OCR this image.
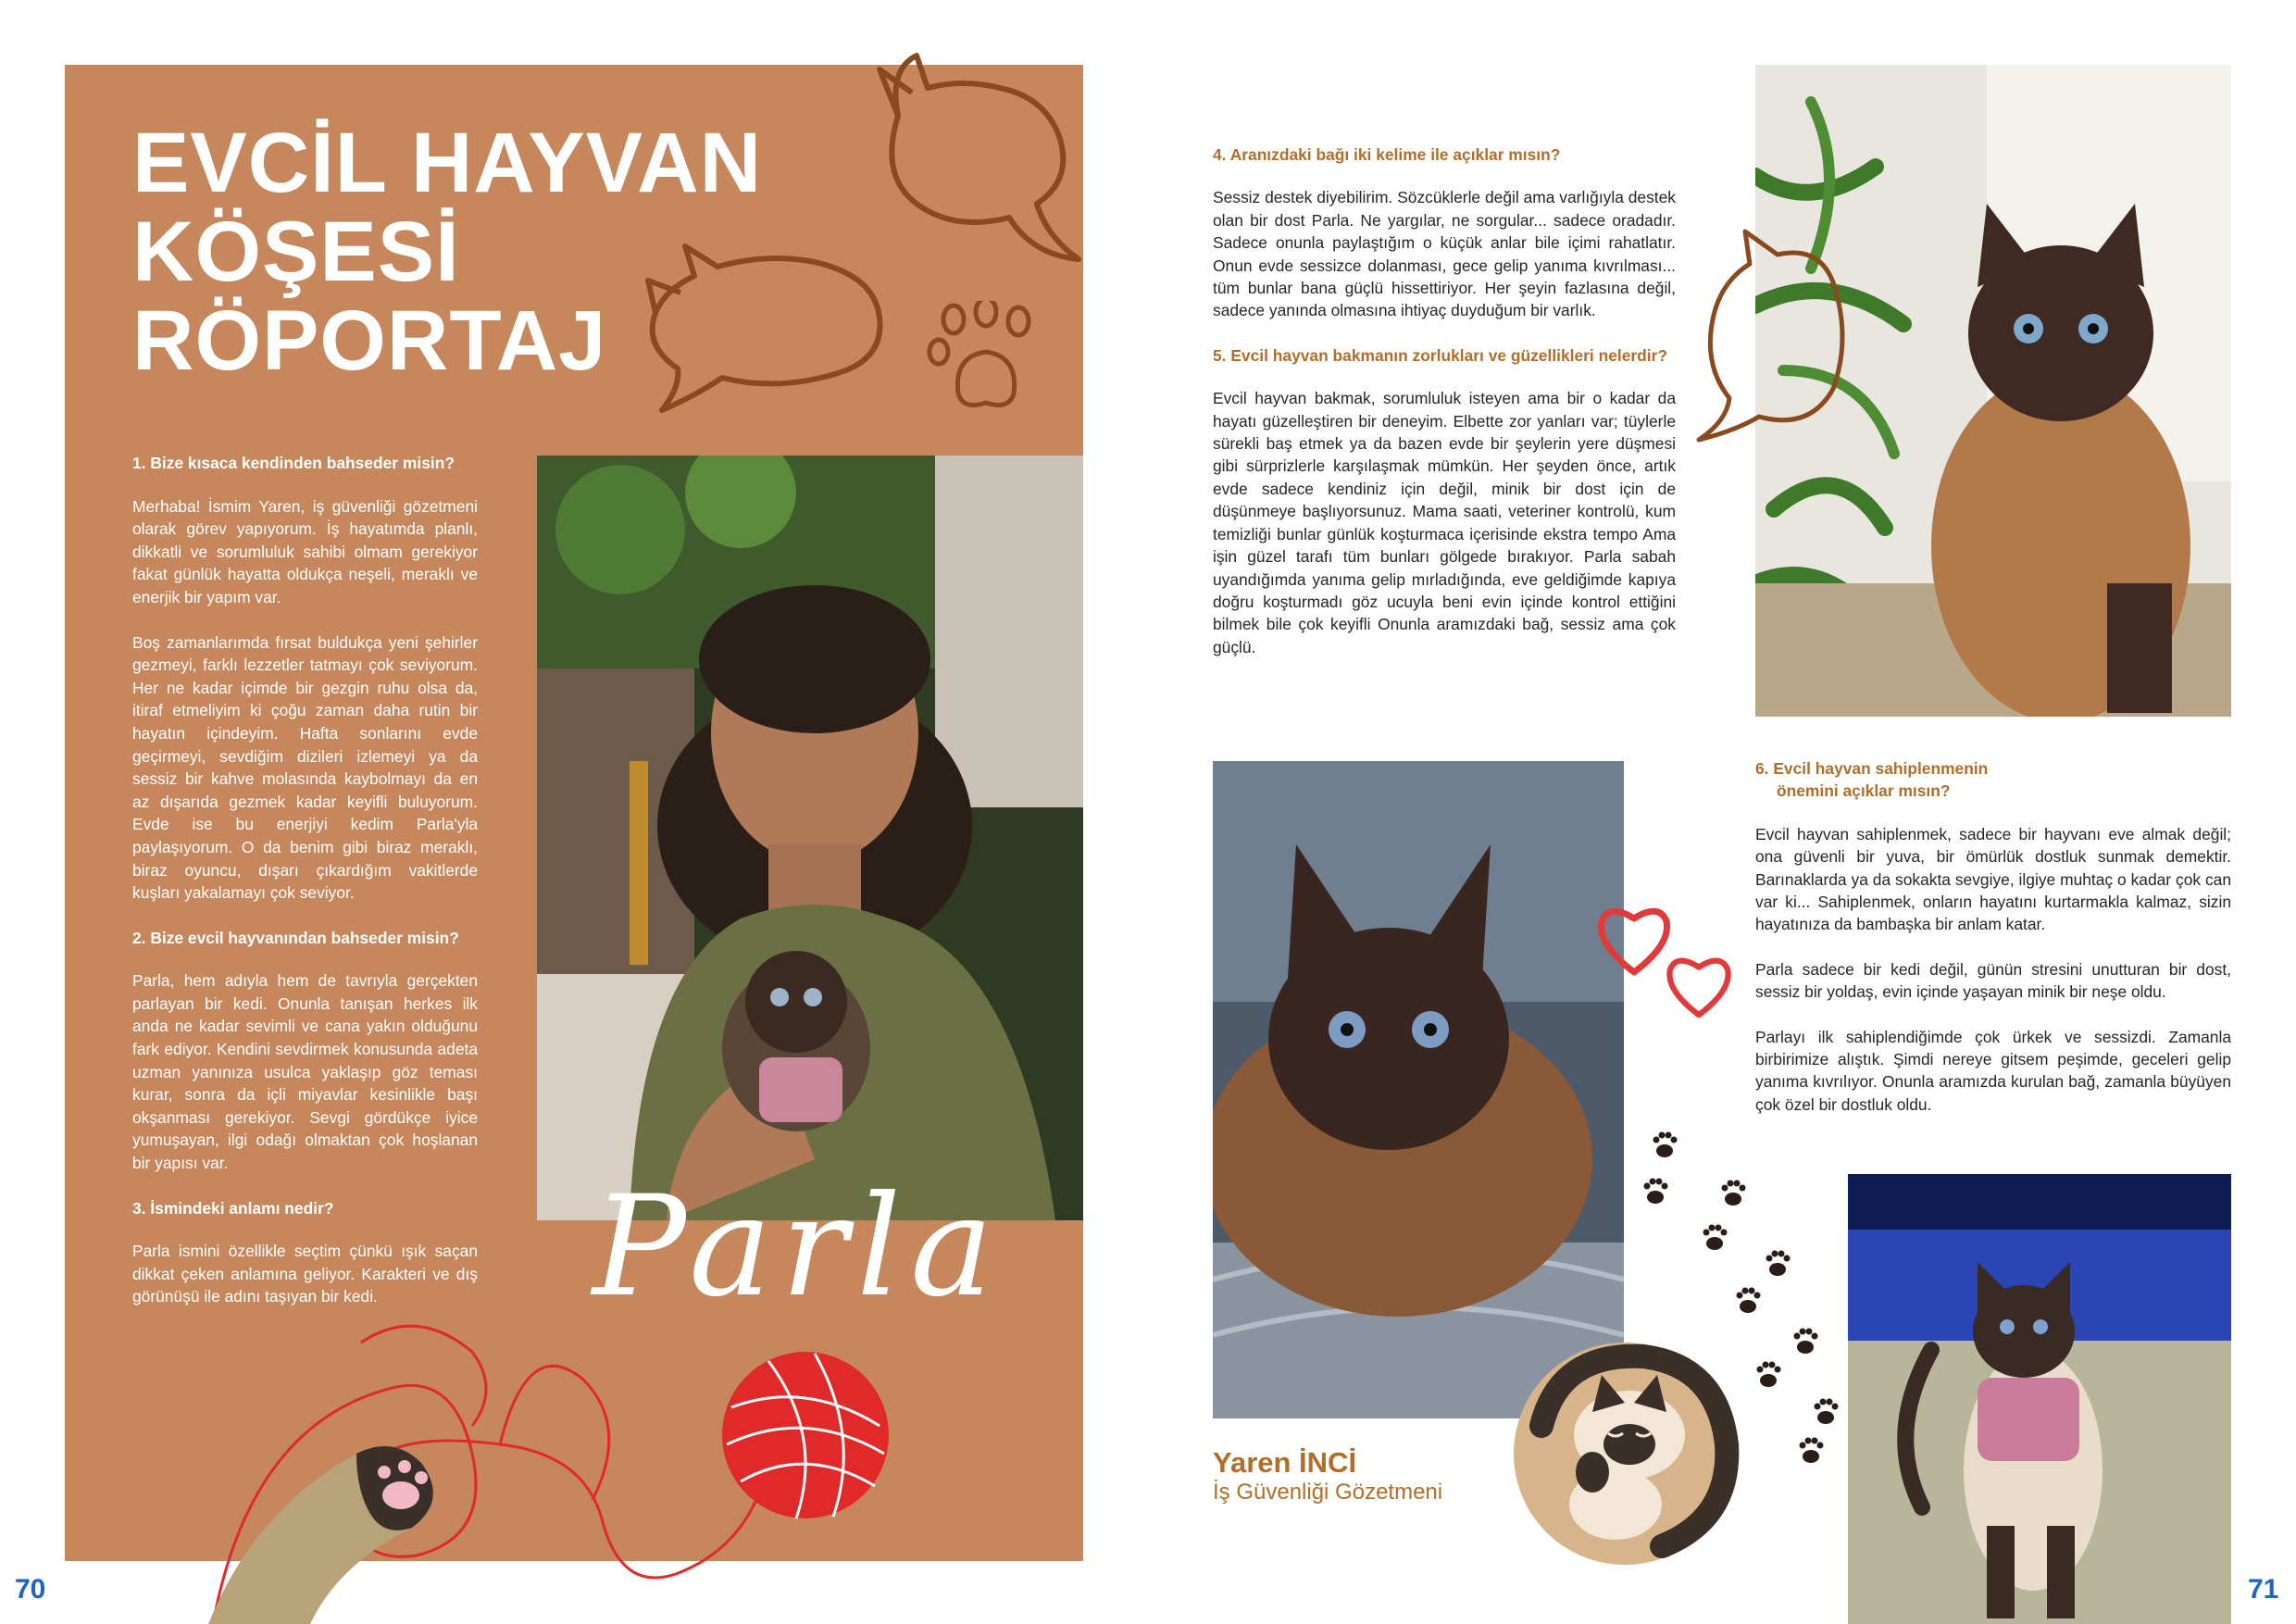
EVCİL HAYVAN
KÖŞESİ
RÖPORTAJ

1. Bize kısaca kendinden bahseder misin?

Merhaba! İsmim Yaren, iş güvenliği gözetmeni olarak görev yapıyorum. İş hayatımda planlı, dikkatli ve sorumluluk sahibi olmam gerekiyor fakat günlük hayatta oldukça neşeli, meraklı ve enerjik bir yapım var.

Boş zamanlarımda fırsat buldukça yeni şehirler gezmeyi, farklı lezzetler tatmayı çok seviyorum. Her ne kadar içimde bir gezgin ruhu olsa da, itiraf etmeliyim ki çoğu zaman daha rutin bir hayatın içindeyim. Hafta sonlarını evde geçirmeyi, sevdiğim dizileri izlemeyi ya da sessiz bir kahve molasında kaybolmayı da en az dışarıda gezmek kadar keyifli buluyorum. Evde ise bu enerjiyi kedim Parla'yla paylaşıyorum. O da benim gibi biraz meraklı, biraz oyuncu, dışarı çıkardığım vakitlerde kuşları yakalamayı çok seviyor.

2. Bize evcil hayvanından bahseder misin?

Parla, hem adıyla hem de tavrıyla gerçekten parlayan bir kedi. Onunla tanışan herkes ilk anda ne kadar sevimli ve cana yakın olduğunu fark ediyor. Kendini sevdirmek konusunda adeta uzman yanınıza usulca yaklaşıp göz teması kurar, sonra da içli miyavlar kesinlikle başı okşanması gerekiyor. Sevgi gördükçe iyice yumuşayan, ilgi odağı olmaktan çok hoşlanan bir yapısı var.

3. İsmindeki anlamı nedir?

Parla ismini özellikle seçtim çünkü ışık saçan dikkat çeken anlamına geliyor. Karakteri ve dış görünüşü ile adını taşıyan bir kedi.	Parla
70

4. Aranızdaki bağı iki kelime ile açıklar mısın?

Sessiz destek diyebilirim. Sözcüklerle değil ama varlığıyla destek olan bir dost Parla. Ne yargılar, ne sorgular... sadece oradadır. Sadece onunla paylaştığım o küçük anlar bile içimi rahatlatır. Onun evde sessizce dolanması, gece gelip yanıma kıvrılması... tüm bunlar bana güçlü hissettiriyor. Her şeyin fazlasına değil, sadece yanında olmasına ihtiyaç duyduğum bir varlık.

5. Evcil hayvan bakmanın zorlukları ve güzellikleri nelerdir?

Evcil hayvan bakmak, sorumluluk isteyen ama bir o kadar da hayatı güzelleştiren bir deneyim. Elbette zor yanları var; tüylerle sürekli baş etmek ya da bazen evde bir şeylerin yere düşmesi gibi sürprizlerle karşılaşmak mümkün. Her şeyden önce, artık evde sadece kendiniz için değil, minik bir dost için de düşünmeye başlıyorsunuz. Mama saati, veteriner kontrolü, kum temizliği bunlar günlük koşturmaca içerisinde ekstra tempo Ama işin güzel tarafı tüm bunları gölgede bırakıyor. Parla sabah uyandığımda yanıma gelip mırladığında, eve geldiğimde kapıya doğru koşturmadı göz ucuyla beni evin içinde kontrol ettiğini bilmek bile çok keyifli Onunla aramızdaki bağ, sessiz ama çok güçlü.

Yaren İNCİ
İş Güvenliği Gözetmeni

6. Evcil hayvan sahiplenmenin

önemini açıklar mısın?

Evcil hayvan sahiplenmek, sadece bir hayvanı eve almak değil; ona güvenli bir yuva, bir ömürlük dostluk sunmak demektir. Barınaklarda ya da sokakta sevgiye, ilgiye muhtaç o kadar çok can var ki... Sahiplenmek, onların hayatını kurtarmakla kalmaz, sizin hayatınıza da bambaşka bir anlam katar.

Parla sadece bir kedi değil, günün stresini unutturan bir dost, sessiz bir yoldaş, evin içinde yaşayan minik bir neşe oldu.

Parlayı ilk sahiplendiğimde çok ürkek ve sessizdi. Zamanla birbirimize alıştık. Şimdi nereye gitsem peşimde, geceleri gelip yanıma kıvrılıyor. Onunla aramızda kurulan bağ, zamanla büyüyen çok özel bir dostluk oldu.

71
